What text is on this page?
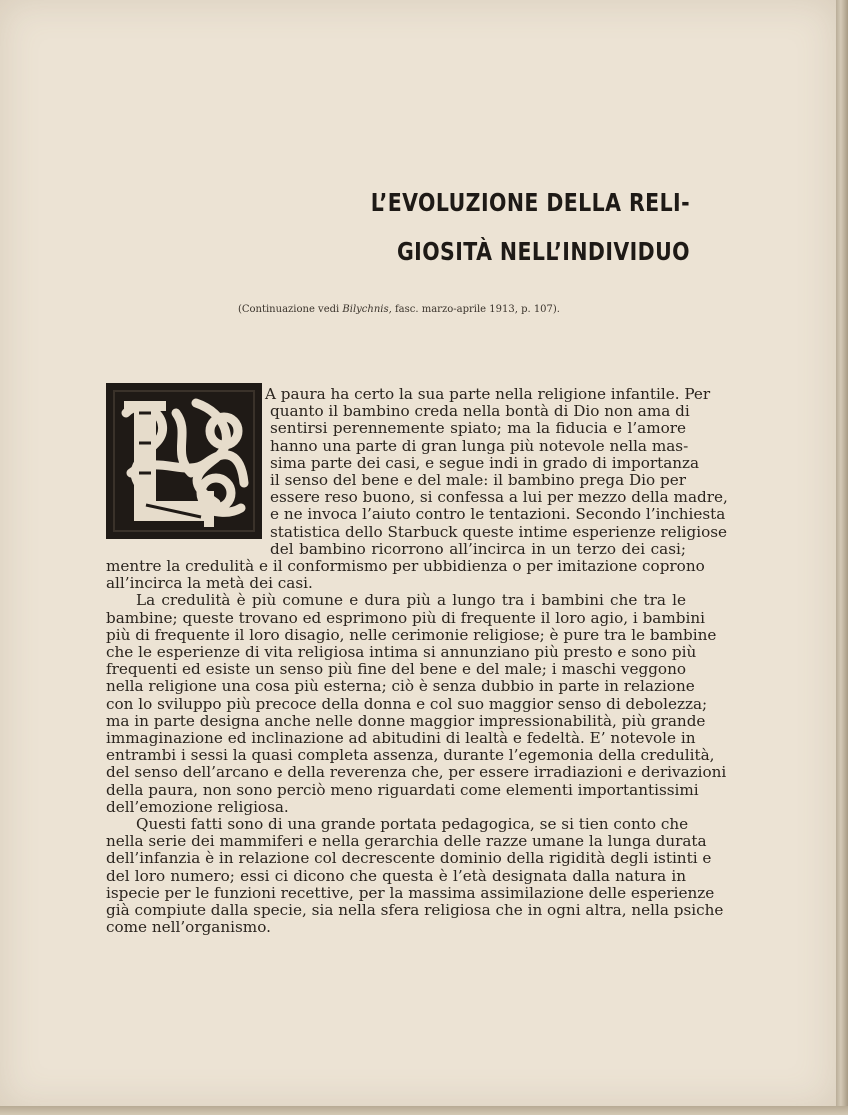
L’EVOLUZIONE DELLA RELI-
GIOSITÀ NELL’INDIVIDUO

(Continuazione vedi Bilychnis, fasc. marzo-aprile 1913, p. 107).

A paura ha certo la sua parte nella religione infantile. Per

quanto il bambino creda nella bontà di Dio non ama di

sentirsi perennemente spiato; ma la fiducia e l’amore

hanno una parte di gran lunga più notevole nella mas-

sima parte dei casi, e segue indi in grado di importanza

il senso del bene e del male: il bambino prega Dio per

essere reso buono, si confessa a lui per mezzo della madre,

e ne invoca l’aiuto contro le tentazioni. Secondo l’inchiesta

statistica dello Starbuck queste intime esperienze religiose

del bambino ricorrono all’incirca in un terzo dei casi;

mentre la credulità e il conformismo per ubbidienza o per imitazione coprono

all’incirca la metà dei casi.

La credulità è più comune e dura più a lungo tra i bambini che tra le

bambine; queste trovano ed esprimono più di frequente il loro agio, i bambini

più di frequente il loro disagio, nelle cerimonie religiose; è pure tra le bambine

che le esperienze di vita religiosa intima si annunziano più presto e sono più

frequenti ed esiste un senso più fine del bene e del male; i maschi veggono

nella religione una cosa più esterna; ciò è senza dubbio in parte in relazione

con lo sviluppo più precoce della donna e col suo maggior senso di debolezza;

ma in parte designa anche nelle donne maggior impressionabilità, più grande

immaginazione ed inclinazione ad abitudini di lealtà e fedeltà. E’ notevole in

entrambi i sessi la quasi completa assenza, durante l’egemonia della credulità,

del senso dell’arcano e della reverenza che, per essere irradiazioni e derivazioni

della paura, non sono perciò meno riguardati come elementi importantissimi

dell’emozione religiosa.

Questi fatti sono di una grande portata pedagogica, se si tien conto che

nella serie dei mammiferi e nella gerarchia delle razze umane la lunga durata

dell’infanzia è in relazione col decrescente dominio della rigidità degli istinti e

del loro numero; essi ci dicono che questa è l’età designata dalla natura in

ispecie per le funzioni recettive, per la massima assimilazione delle esperienze

già compiute dalla specie, sia nella sfera religiosa che in ogni altra, nella psiche

come nell’organismo.
